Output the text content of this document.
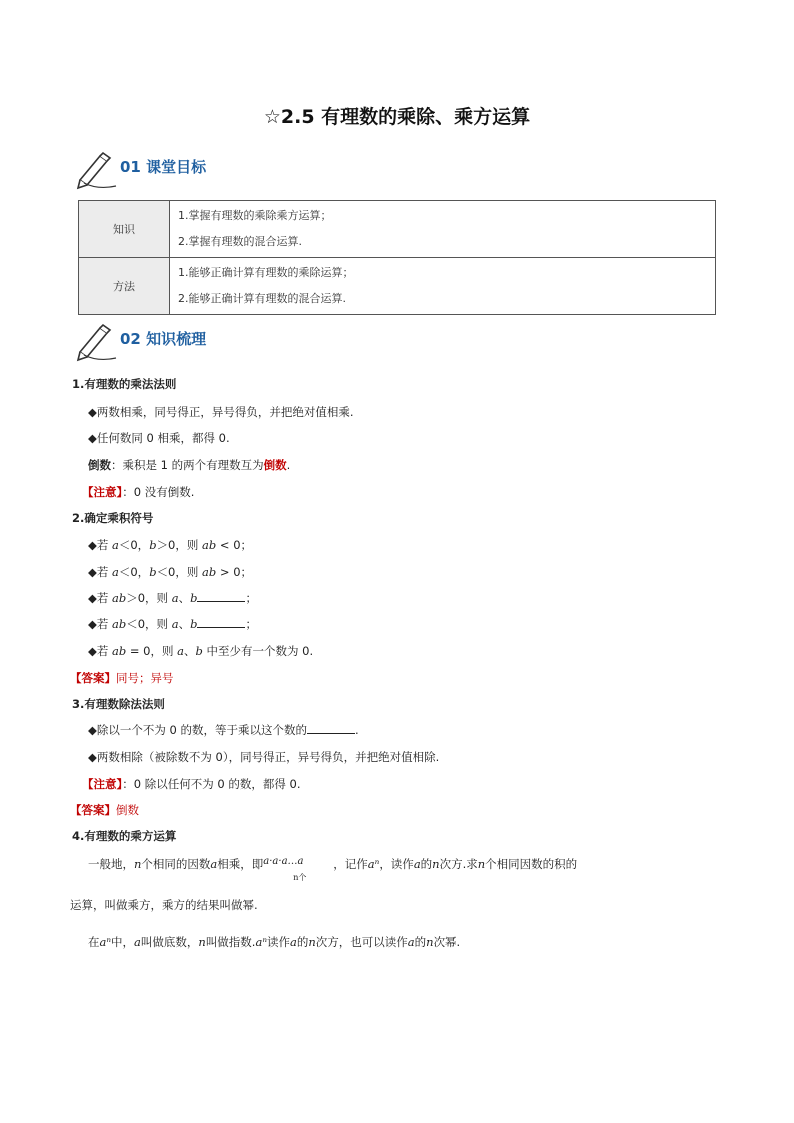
☆2.5 有理数的乘除、乘方运算
01 课堂目标
知识	1.掌握有理数的乘除乘方运算；
2.掌握有理数的混合运算.

方法	1.能够正确计算有理数的乘除运算；
2.能够正确计算有理数的混合运算.
02 知识梳理
1.有理数的乘法法则
◆两数相乘，同号得正，异号得负，并把绝对值相乘.
◆任何数同 0 相乘，都得 0.
倒数：乘积是 1 的两个有理数互为倒数.
【注意】：0 没有倒数.
2.确定乘积符号
◆若 a＜0，b＞0，则 ab < 0；
◆若 a＜0，b＜0，则 ab > 0；
◆若 ab＞0，则 a、b	；
◆若 ab＜0，则 a、b	；
◆若 ab = 0，则 a、b 中至少有一个数为 0.
【答案】同号；异号
3.有理数除法法则
◆除以一个不为 0 的数，等于乘以这个数的	.
◆两数相除（被除数不为 0），同号得正，异号得负，并把绝对值相除.
【注意】：0 除以任何不为 0 的数，都得 0.
【答案】倒数
4.有理数的乘方运算
一般地，n个相同的因数a相乘，即 a·a·a…a
n个
，记作aⁿ，读作a的n次方.求n个相同因数的积的
运算，叫做乘方，乘方的结果叫做幂.
在aⁿ中，a叫做底数，n叫做指数.aⁿ读作a的n次方，也可以读作a的n次幂.
